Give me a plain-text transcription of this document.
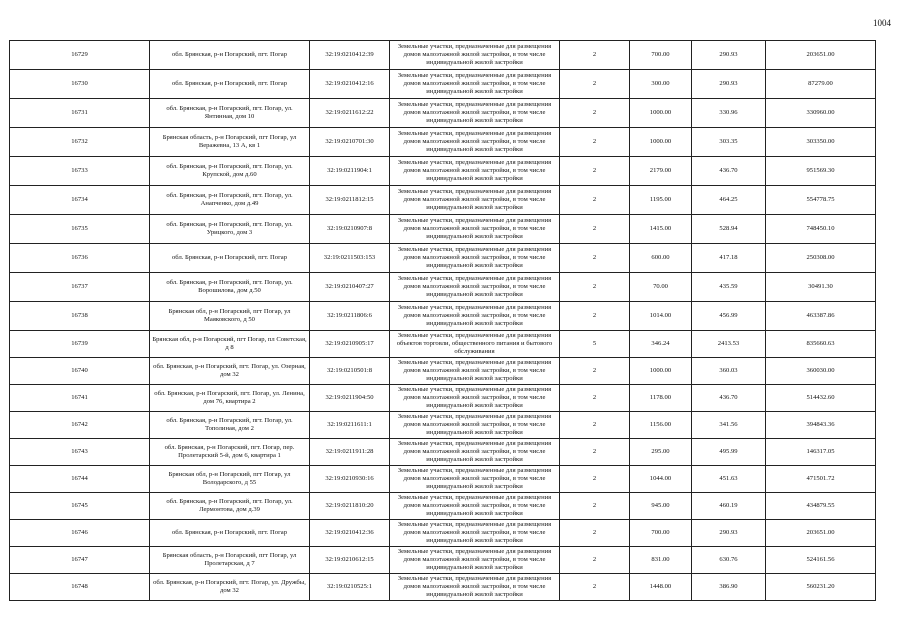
1004
16729	обл. Брянская, р-н Погарский, пгт. Погар	32:19:0210412:39	Земельные участки, предназначенные для размещения домов малоэтажной жилой застройки, в том числе индивидуальной жилой застройки	2	700.00	290.93	203651.00
16730	обл. Брянская, р-н Погарский, пгт. Погар	32:19:0210412:16	Земельные участки, предназначенные для размещения домов малоэтажной жилой застройки, в том числе индивидуальной жилой застройки	2	300.00	290.93	87279.00
16731	обл. Брянская, р-н Погарский, пгт. Погар, ул. Янтинная, дом 10	32:19:0211612:22	Земельные участки, предназначенные для размещения домов малоэтажной жилой застройки, в том числе индивидуальной жилой застройки	2	1000.00	330.96	330960.00
16732	Брянская область, р-н Погарский, пгт Погар, ул Веражевна, 13 А, кв 1	32:19:0210701:30	Земельные участки, предназначенные для размещения домов малоэтажной жилой застройки, в том числе индивидуальной жилой застройки	2	1000.00	303.35	303350.00
16733	обл. Брянская, р-н Погарский, пгт. Погар, ул. Крупской, дом д.60	32:19:0211904:1	Земельные участки, предназначенные для размещения домов малоэтажной жилой застройки, в том числе индивидуальной жилой застройки	2	2179.00	436.70	951569.30
16734	обл. Брянская, р-н Погарский, пгт. Погар, ул. Анапченко, дом д.49	32:19:0211812:15	Земельные участки, предназначенные для размещения домов малоэтажной жилой застройки, в том числе индивидуальной жилой застройки	2	1195.00	464.25	554778.75
16735	обл. Брянская, р-н Погарский, пгт. Погар, ул. Урицкого, дом 3	32:19:0210907:8	Земельные участки, предназначенные для размещения домов малоэтажной жилой застройки, в том числе индивидуальной жилой застройки	2	1415.00	528.94	748450.10
16736	обл. Брянская, р-н Погарский, пгт. Погар	32:19:0211503:153	Земельные участки, предназначенные для размещения домов малоэтажной жилой застройки, в том числе индивидуальной жилой застройки	2	600.00	417.18	250308.00
16737	обл. Брянская, р-н Погарский, пгт. Погар, ул. Ворошилова, дом д.50	32:19:0210407:27	Земельные участки, предназначенные для размещения домов малоэтажной жилой застройки, в том числе индивидуальной жилой застройки	2	70.00	435.59	30491.30
16738	Брянская обл, р-н Погарский, пгт Погар, ул Маяковского, д 50	32:19:0211806:6	Земельные участки, предназначенные для размещения домов малоэтажной жилой застройки, в том числе индивидуальной жилой застройки	2	1014.00	456.99	463387.86
16739	Брянская обл, р-н Погарский, пгт Погар, пл Советская, д 8	32:19:0210905:17	Земельные участки, предназначенные для размещения объектов торговли, общественного питания и бытового обслуживания	5	346.24	2413.53	835660.63
16740	обл. Брянская, р-н Погарский, пгт. Погар, ул. Озерная, дом 32	32:19:0210501:8	Земельные участки, предназначенные для размещения домов малоэтажной жилой застройки, в том числе индивидуальной жилой застройки	2	1000.00	360.03	360030.00
16741	обл. Брянская, р-н Погарский, пгт. Погар, ул. Ленина, дом 76, квартира 2	32:19:0211904:50	Земельные участки, предназначенные для размещения домов малоэтажной жилой застройки, в том числе индивидуальной жилой застройки	2	1178.00	436.70	514432.60
16742	обл. Брянская, р-н Погарский, пгт. Погар, ул. Тополиная, дом 2	32:19:0211611:1	Земельные участки, предназначенные для размещения домов малоэтажной жилой застройки, в том числе индивидуальной жилой застройки	2	1156.00	341.56	394843.36
16743	обл. Брянская, р-н Погарский, пгт. Погар, пер. Пролетарский 5-й, дом 6, квартира 1	32:19:0211911:28	Земельные участки, предназначенные для размещения домов малоэтажной жилой застройки, в том числе индивидуальной жилой застройки	2	295.00	495.99	146317.05
16744	Брянская обл, р-н Погарский, пгт Погар, ул Володарского, д 55	32:19:0210930:16	Земельные участки, предназначенные для размещения домов малоэтажной жилой застройки, в том числе индивидуальной жилой застройки	2	1044.00	451.63	471501.72
16745	обл. Брянская, р-н Погарский, пгт. Погар, ул. Лермонтова, дом д.39	32:19:0211810:20	Земельные участки, предназначенные для размещения домов малоэтажной жилой застройки, в том числе индивидуальной жилой застройки	2	945.00	460.19	434879.55
16746	обл. Брянская, р-н Погарский, пгт. Погар	32:19:0210412:36	Земельные участки, предназначенные для размещения домов малоэтажной жилой застройки, в том числе индивидуальной жилой застройки	2	700.00	290.93	203651.00
16747	Брянская область, р-н Погарский, пгт Погар, ул Пролетарская, д 7	32:19:0210612:15	Земельные участки, предназначенные для размещения домов малоэтажной жилой застройки, в том числе индивидуальной жилой застройки	2	831.00	630.76	524161.56
16748	обл. Брянская, р-н Погарский, пгт. Погар, ул. Дружбы, дом 32	32:19:0210525:1	Земельные участки, предназначенные для размещения домов малоэтажной жилой застройки, в том числе индивидуальной жилой застройки	2	1448.00	386.90	560231.20
